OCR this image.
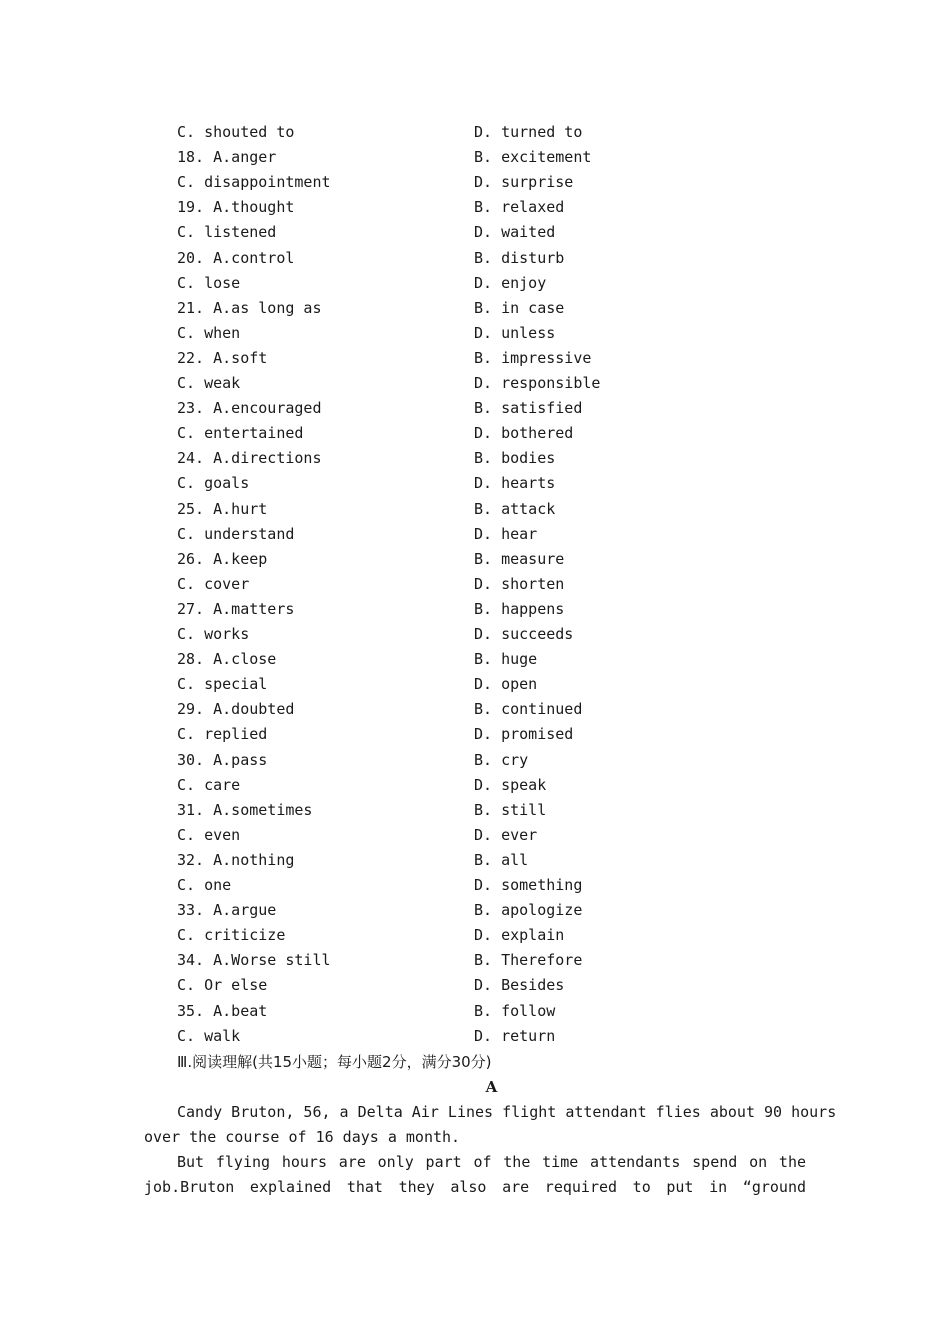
C. shouted to	D. turned to
18. A.anger	B. excitement
C. disappointment	D. surprise
19. A.thought	B. relaxed
C. listened	D. waited
20. A.control	B. disturb
C. lose	D. enjoy
21. A.as long as	B. in case
C. when	D. unless
22. A.soft	B. impressive
C. weak	D. responsible
23. A.encouraged	B. satisfied
C. entertained	D. bothered
24. A.directions	B. bodies
C. goals	D. hearts
25. A.hurt	B. attack
C. understand	D. hear
26. A.keep	B. measure
C. cover	D. shorten
27. A.matters	B. happens
C. works	D. succeeds
28. A.close	B. huge
C. special	D. open
29. A.doubted	B. continued
C. replied	D. promised
30. A.pass	B. cry
C. care	D. speak
31. A.sometimes	B. still
C. even	D. ever
32. A.nothing	B. all
C. one	D. something
33. A.argue	B. apologize
C. criticize	D. explain
34. A.Worse still	B. Therefore
C. Or else	D. Besides
35. A.beat	B. follow
C. walk	D. return
Ⅲ.阅读理解(共15小题；每小题2分，满分30分)
A
Candy Bruton, 56, a Delta Air Lines flight attendant flies about 90 hours
over the course of 16 days a month.
But flying hours are only part of the time attendants spend on the
job.Bruton explained that they also are required to put in “ground
